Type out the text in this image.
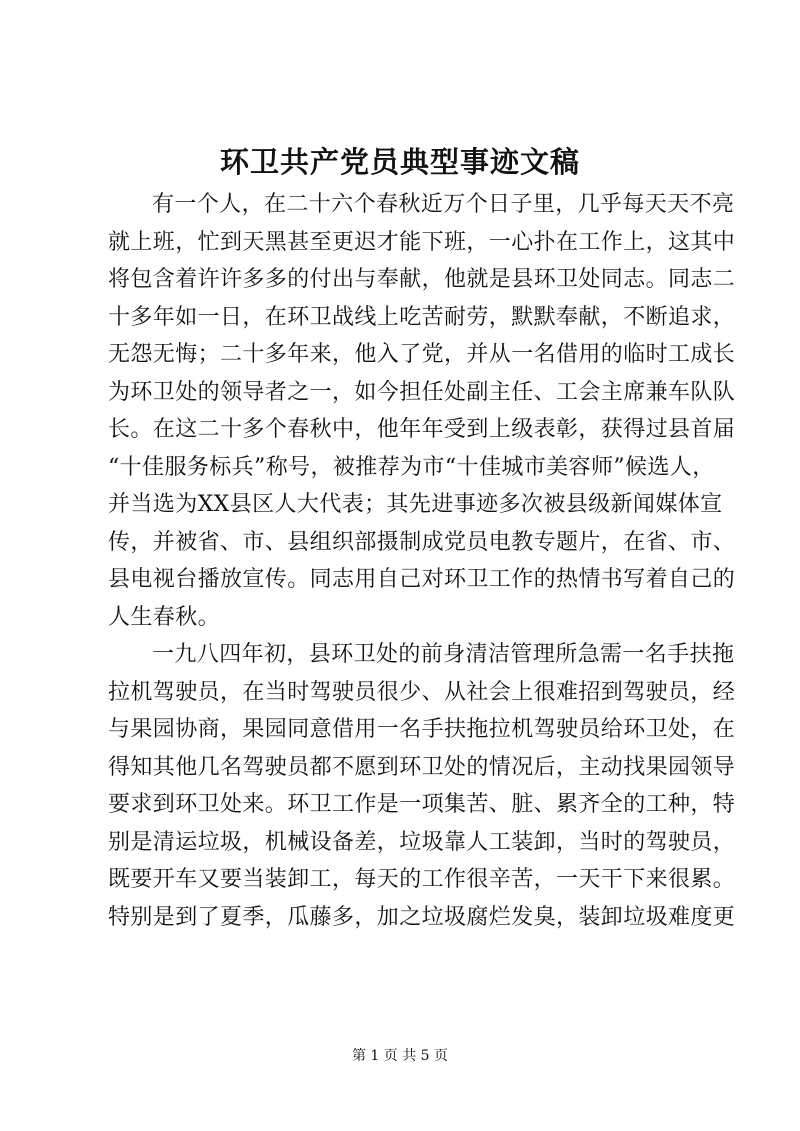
环卫共产党员典型事迹文稿
有一个人，在二十六个春秋近万个日子里，几乎每天天不亮
就上班，忙到天黑甚至更迟才能下班，一心扑在工作上，这其中
将包含着许许多多的付出与奉献，他就是县环卫处同志。同志二
十多年如一日，在环卫战线上吃苦耐劳，默默奉献，不断追求，
无怨无悔；二十多年来，他入了党，并从一名借用的临时工成长
为环卫处的领导者之一，如今担任处副主任、工会主席兼车队队
长。在这二十多个春秋中，他年年受到上级表彰，获得过县首届
“十佳服务标兵”称号，被推荐为市“十佳城市美容师”候选人，
并当选为XX县区人大代表；其先进事迹多次被县级新闻媒体宣
传，并被省、市、县组织部摄制成党员电教专题片，在省、市、
县电视台播放宣传。同志用自己对环卫工作的热情书写着自己的
人生春秋。
一九八四年初，县环卫处的前身清洁管理所急需一名手扶拖
拉机驾驶员，在当时驾驶员很少、从社会上很难招到驾驶员，经
与果园协商，果园同意借用一名手扶拖拉机驾驶员给环卫处，在
得知其他几名驾驶员都不愿到环卫处的情况后，主动找果园领导
要求到环卫处来。环卫工作是一项集苦、脏、累齐全的工种，特
别是清运垃圾，机械设备差，垃圾靠人工装卸，当时的驾驶员，
既要开车又要当装卸工，每天的工作很辛苦，一天干下来很累。
特别是到了夏季，瓜藤多，加之垃圾腐烂发臭，装卸垃圾难度更
第 1 页 共 5 页
